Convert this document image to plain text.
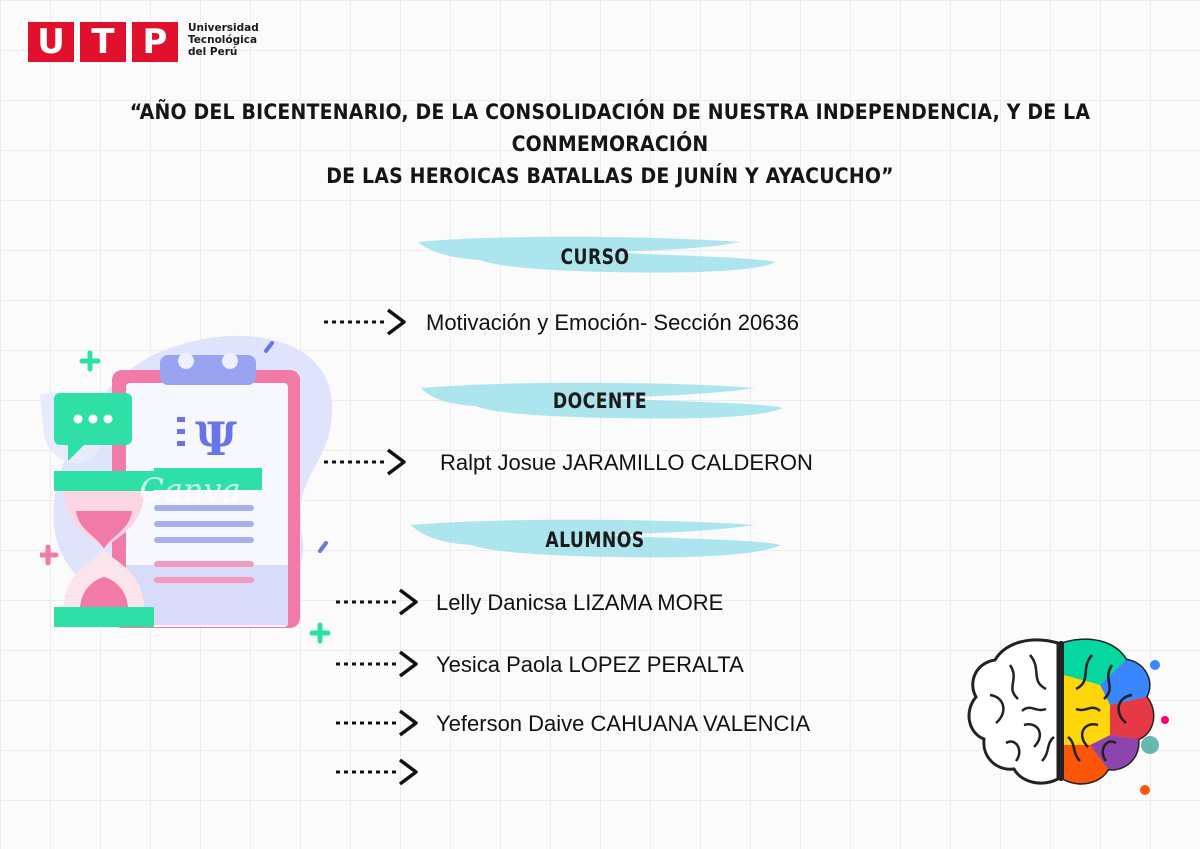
U T P	Universidad
Tecnológica
del Perú
“AÑO DEL BICENTENARIO, DE LA CONSOLIDACIÓN DE NUESTRA INDEPENDENCIA, Y DE LA CONMEMORACIÓN
DE LAS HEROICAS BATALLAS DE JUNÍN Y AYACUCHO”
CURSO
Motivación y Emoción- Sección 20636
DOCENTE
Ralpt Josue JARAMILLO CALDERON
ALUMNOS
Lelly Danicsa LIZAMA MORE
Yesica Paola LOPEZ PERALTA
Yeferson Daive CAHUANA VALENCIA
Ψ
Canva
